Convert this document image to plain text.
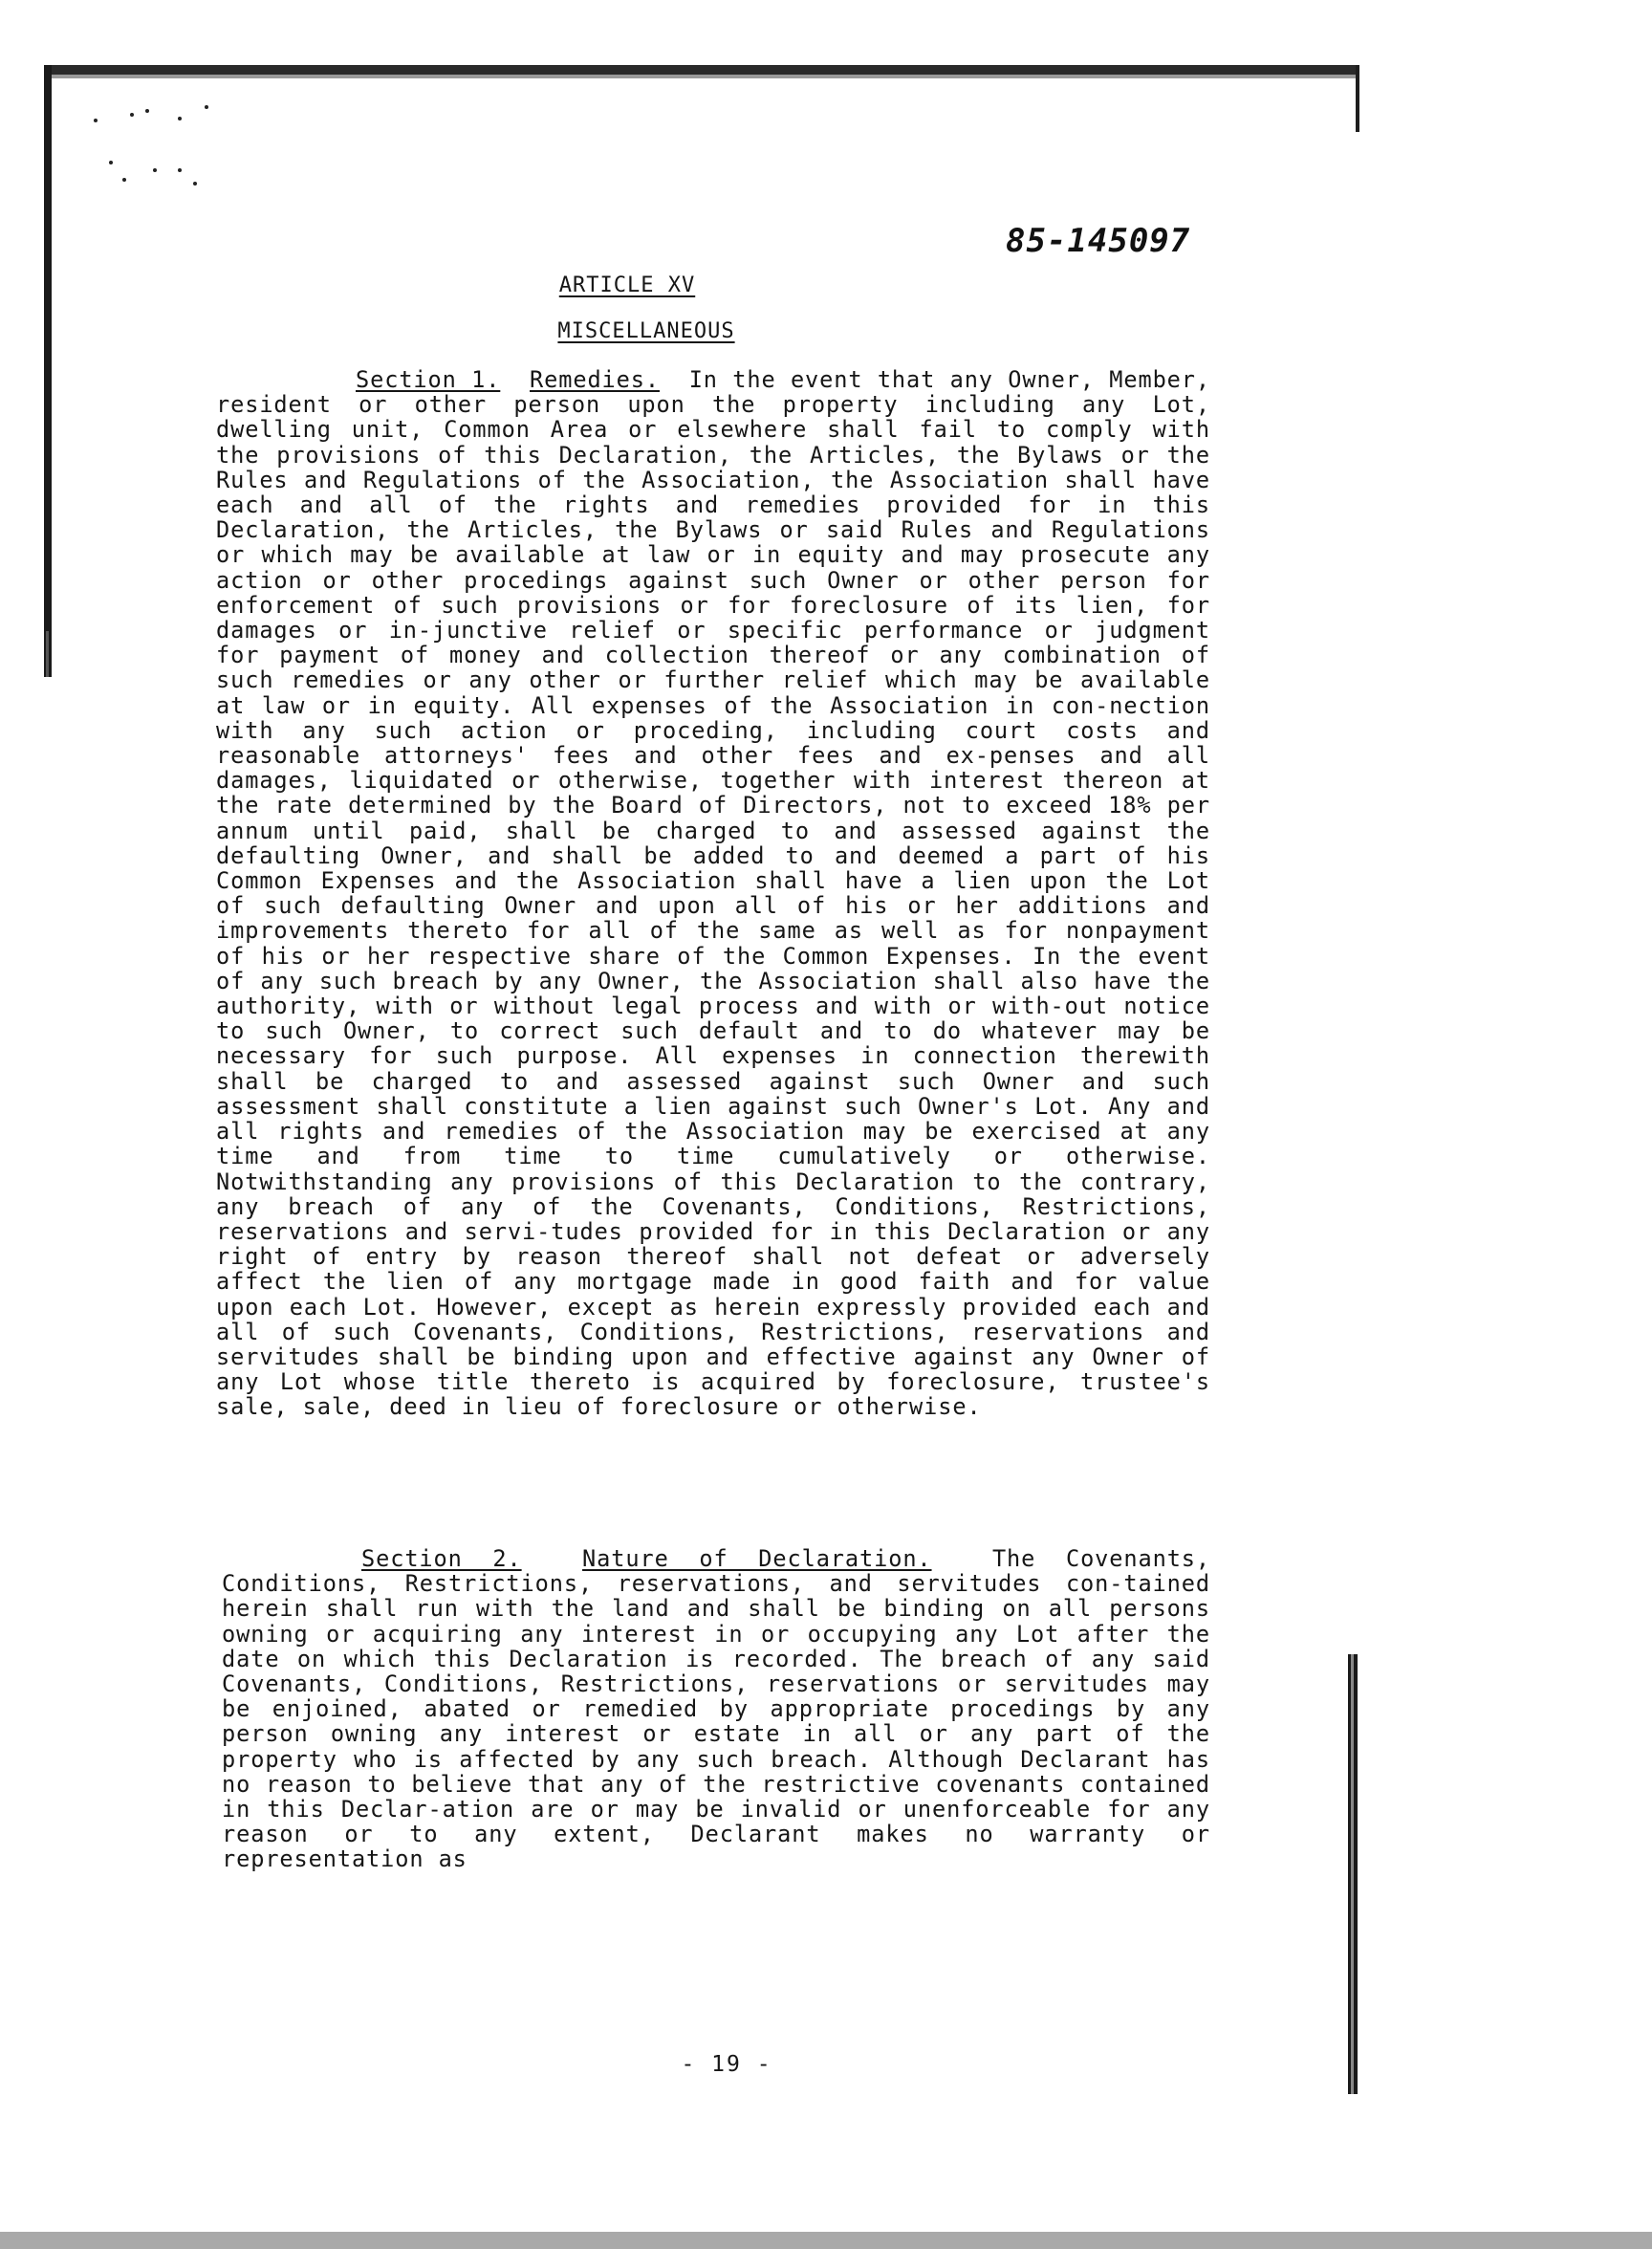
85-145097
ARTICLE XV
MISCELLANEOUS
Section 1. Remedies. In the event that any Owner, Member, resident or other person upon the property including any Lot, dwelling unit, Common Area or elsewhere shall fail to comply with the provisions of this Declaration, the Articles, the Bylaws or the Rules and Regulations of the Association, the Association shall have each and all of the rights and remedies provided for in this Declaration, the Articles, the Bylaws or said Rules and Regulations or which may be available at law or in equity and may prosecute any action or other procedings against such Owner or other person for enforcement of such provisions or for foreclosure of its lien, for damages or in-junctive relief or specific performance or judgment for payment of money and collection thereof or any combination of such remedies or any other or further relief which may be available at law or in equity. All expenses of the Association in con-nection with any such action or proceding, including court costs and reasonable attorneys' fees and other fees and ex-penses and all damages, liquidated or otherwise, together with interest thereon at the rate determined by the Board of Directors, not to exceed 18% per annum until paid, shall be charged to and assessed against the defaulting Owner, and shall be added to and deemed a part of his Common Expenses and the Association shall have a lien upon the Lot of such defaulting Owner and upon all of his or her additions and improvements thereto for all of the same as well as for nonpayment of his or her respective share of the Common Expenses. In the event of any such breach by any Owner, the Association shall also have the authority, with or without legal process and with or with-out notice to such Owner, to correct such default and to do whatever may be necessary for such purpose. All expenses in connection therewith shall be charged to and assessed against such Owner and such assessment shall constitute a lien against such Owner's Lot. Any and all rights and remedies of the Association may be exercised at any time and from time to time cumulatively or otherwise. Notwithstanding any provisions of this Declaration to the contrary, any breach of any of the Covenants, Conditions, Restrictions, reservations and servi-tudes provided for in this Declaration or any right of entry by reason thereof shall not defeat or adversely affect the lien of any mortgage made in good faith and for value upon each Lot. However, except as herein expressly provided each and all of such Covenants, Conditions, Restrictions, reservations and servitudes shall be binding upon and effective against any Owner of any Lot whose title thereto is acquired by foreclosure, trustee's sale, sale, deed in lieu of foreclosure or otherwise.
Section 2.	Nature of Declaration.	The Covenants, Conditions, Restrictions, reservations, and servitudes con-tained herein shall run with the land and shall be binding on all persons owning or acquiring any interest in or occupying any Lot after the date on which this Declaration is recorded. The breach of any said Covenants, Conditions, Restrictions, reservations or servitudes may be enjoined, abated or remedied by appropriate procedings by any person owning any interest or estate in all or any part of the property who is affected by any such breach. Although Declarant has no reason to believe that any of the restrictive covenants contained in this Declar-ation are or may be invalid or unenforceable for any reason or to any extent, Declarant makes no warranty or representation as
- 19 -
